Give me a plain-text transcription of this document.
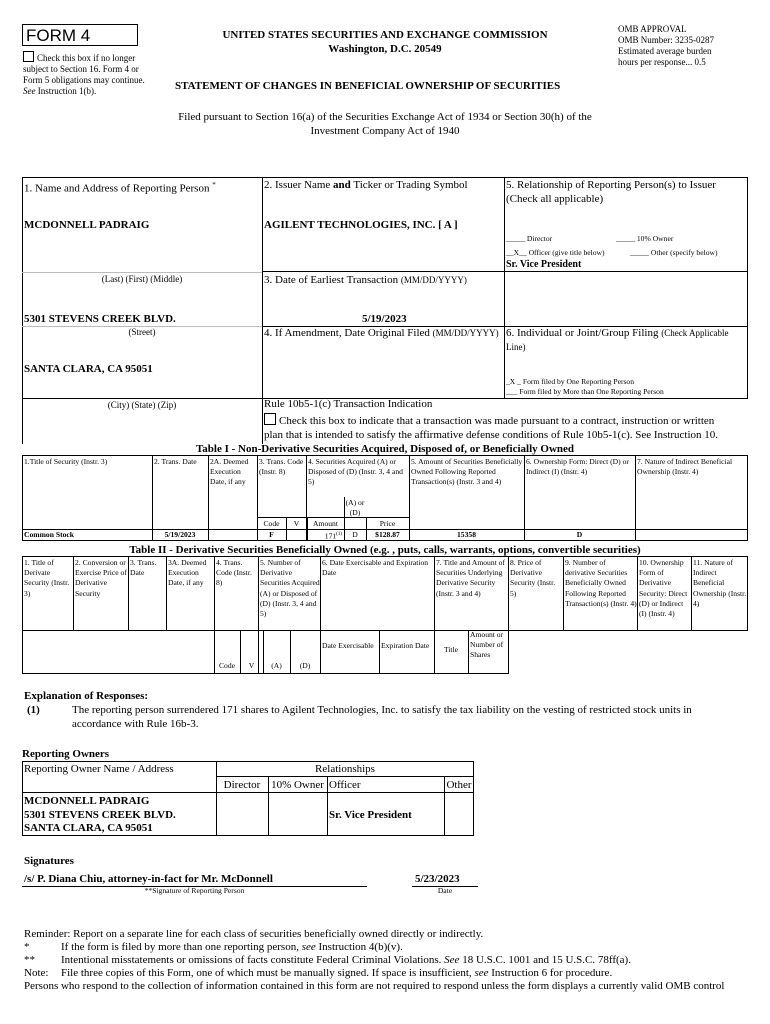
FORM 4
Check this box if no longer subject to Section 16. Form 4 or Form 5 obligations may continue. See Instruction 1(b).
UNITED STATES SECURITIES AND EXCHANGE COMMISSION
Washington, D.C. 20549
OMB APPROVAL
OMB Number: 3235-0287
Estimated average burden
hours per response... 0.5
STATEMENT OF CHANGES IN BENEFICIAL OWNERSHIP OF SECURITIES
Filed pursuant to Section 16(a) of the Securities Exchange Act of 1934 or Section 30(h) of the
Investment Company Act of 1940
1. Name and Address of Reporting Person *
MCDONNELL PADRAIG
(Last) (First) (Middle)
5301 STEVENS CREEK BLVD.
(Street)
SANTA CLARA, CA 95051
(City) (State) (Zip)
2. Issuer Name and Ticker or Trading Symbol
AGILENT TECHNOLOGIES, INC. [ A ]
3. Date of Earliest Transaction (MM/DD/YYYY)
5/19/2023
4. If Amendment, Date Original Filed (MM/DD/YYYY)
5. Relationship of Reporting Person(s) to Issuer
(Check all applicable)
_____ Director	_____ 10% Owner
__X__ Officer (give title below)	_____ Other (specify below)
Sr. Vice President
6. Individual or Joint/Group Filing (Check Applicable
Line)
_X _ Form filed by One Reporting Person
___ Form filed by More than One Reporting Person
Rule 10b5-1(c) Transaction Indication
Check this box to indicate that a transaction was made pursuant to a contract, instruction or written
plan that is intended to satisfy the affirmative defense conditions of Rule 10b5-1(c). See Instruction 10.
Table I - Non-Derivative Securities Acquired, Disposed of, or Beneficially Owned
1.Title of Security (Instr. 3)	2. Trans. Date	2A. Deemed Execution Date, if any
3. Trans. Code (Instr. 8)
4. Securities Acquired (A) or Disposed of (D) (Instr. 3, 4 and 5)
5. Amount of Securities Beneficially Owned Following Reported Transaction(s) (Instr. 3 and 4)
6. Ownership Form: Direct (D) or Indirect (I) (Instr. 4)
7. Nature of Indirect Beneficial Ownership (Instr. 4)
Code	V	Amount
(A) or (D)
Price
Common Stock	5/19/2023	F	171$^{(1)}$	D	$128.87	15358	D
Table II - Derivative Securities Beneficially Owned (e.g. , puts, calls, warrants, options, convertible securities)
1. Title of Derivate Security (Instr. 3)
2. Conversion or Exercise Price of Derivative Security
3. Trans. Date
3A. Deemed Execution Date, if any
4. Trans. Code (Instr. 8)
5. Number of Derivative Securities Acquired (A) or Disposed of (D) (Instr. 3, 4 and 5)
6. Date Exercisable and Expiration Date
7. Title and Amount of Securities Underlying Derivative Security (Instr. 3 and 4)
8. Price of Derivative Security (Instr. 5)
9. Number of derivative Securities Beneficially Owned Following Reported Transaction(s) (Instr. 4)
10. Ownership Form of Derivative Security: Direct (D) or Indirect (I) (Instr. 4)
11. Nature of Indirect Beneficial Ownership (Instr. 4)
Code	V	(A)	(D)
Date Exercisable Expiration Date	Title
Amount or Number of Shares
Explanation of Responses:
(1)	The reporting person surrendered 171 shares to Agilent Technologies, Inc. to satisfy the tax liability on the vesting of restricted stock units in accordance with Rule 16b-3.
Reporting Owners
Reporting Owner Name / Address	Relationships
Director 10% Owner Officer	Other
MCDONNELL PADRAIG
5301 STEVENS CREEK BLVD.
SANTA CLARA, CA 95051
Sr. Vice President
Signatures
/s/ P. Diana Chiu, attorney-in-fact for Mr. McDonnell	5/23/2023
**Signature of Reporting Person	Date
Reminder: Report on a separate line for each class of securities beneficially owned directly or indirectly.
*	If the form is filed by more than one reporting person, see Instruction 4(b)(v).
** Intentional misstatements or omissions of facts constitute Federal Criminal Violations. See 18 U.S.C. 1001 and 15 U.S.C. 78ff(a).
Note: File three copies of this Form, one of which must be manually signed. If space is insufficient, see Instruction 6 for procedure.
Persons who respond to the collection of information contained in this form are not required to respond unless the form displays a currently valid OMB control
